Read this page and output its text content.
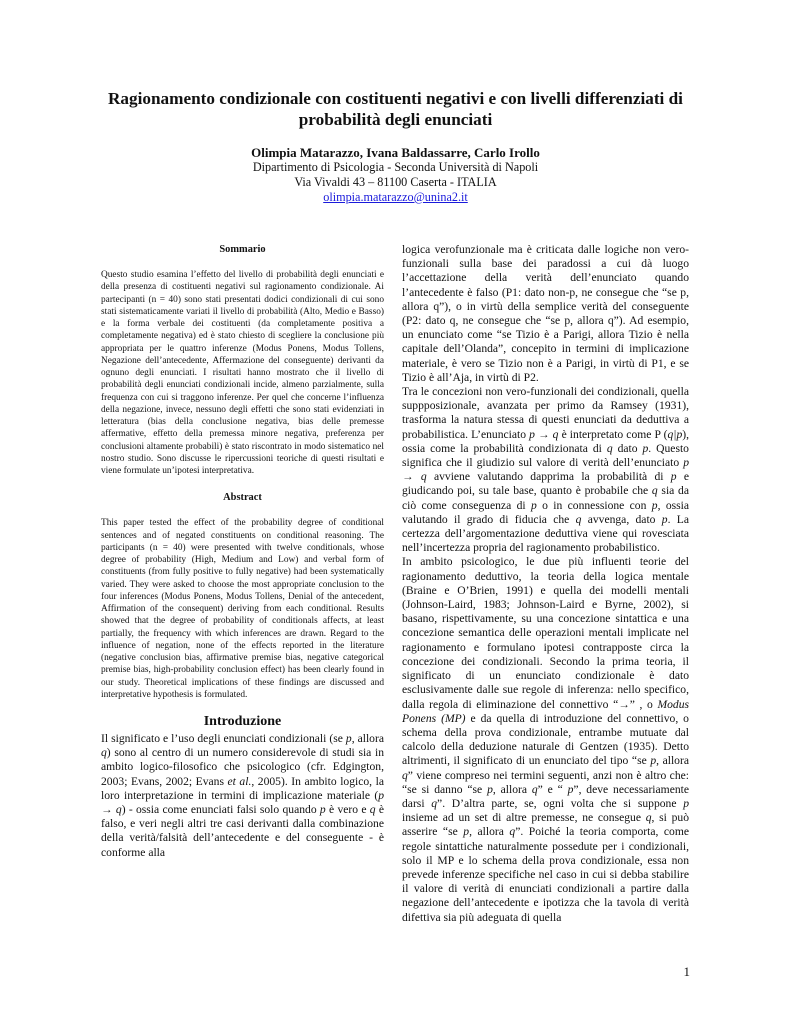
Ragionamento condizionale con costituenti negativi e con livelli differenziati di probabilità degli enunciati
Olimpia Matarazzo, Ivana Baldassarre, Carlo Irollo
Dipartimento di Psicologia - Seconda Università di Napoli
Via Vivaldi 43 – 81100 Caserta - ITALIA
olimpia.matarazzo@unina2.it

Sommario

Questo studio esamina l’effetto del livello di probabilità degli enunciati e della presenza di costituenti negativi sul ragionamento condizionale. Ai partecipanti (n = 40) sono stati presentati dodici condizionali di cui sono stati sistematicamente variati il livello di probabilità (Alto, Medio e Basso) e la forma verbale dei costituenti (da completamente positiva a completamente negativa) ed è stato chiesto di scegliere la conclusione più appropriata per le quattro inferenze (Modus Ponens, Modus Tollens, Negazione dell’antecedente, Affermazione del conseguente) derivanti da ognuno degli enunciati. I risultati hanno mostrato che il livello di probabilità degli enunciati condizionali incide, almeno parzialmente, sulla frequenza con cui si traggono inferenze. Per quel che concerne l’influenza della negazione, invece, nessuno degli effetti che sono stati evidenziati in letteratura (bias della conclusione negativa, bias delle premesse affermative, effetto della premessa minore negativa, preferenza per conclusioni altamente probabili) è stato riscontrato in modo sistematico nel nostro studio. Sono discusse le ripercussioni teoriche di questi risultati e viene formulate un’ipotesi interpretativa.

Abstract

This paper tested the effect of the probability degree of conditional sentences and of negated constituents on conditional reasoning. The participants (n = 40) were presented with twelve conditionals, whose degree of probability (High, Medium and Low) and verbal form of constituents (from fully positive to fully negative) had been systematically varied. They were asked to choose the most appropriate conclusion to the four inferences (Modus Ponens, Modus Tollens, Denial of the antecedent, Affirmation of the consequent) deriving from each conditional. Results showed that the degree of probability of conditionals affects, at least partially, the frequency with which inferences are drawn. Regard to the influence of negation, none of the effects reported in the literature (negative conclusion bias, affirmative premise bias, negative categorical premise bias, high-probability conclusion effect) has been clearly found in our study. Theoretical implications of these findings are discussed and interpretative hypothesis is formulated.

Introduzione

Il significato e l’uso degli enunciati condizionali (se p, allora q) sono al centro di un numero considerevole di studi sia in ambito logico-filosofico che psicologico (cfr. Edgington, 2003; Evans, 2002; Evans et al., 2005). In ambito logico, la loro interpretazione in termini di implicazione materiale (p → q) - ossia come enunciati falsi solo quando p è vero e q è falso, e veri negli altri tre casi derivanti dalla combinazione della verità/falsità dell’antecedente e del conseguente - è conforme alla

logica verofunzionale ma è criticata dalle logiche non vero-funzionali sulla base dei paradossi a cui dà luogo l’accettazione della verità dell’enunciato quando l’antecedente è falso (P1: dato non-p, ne consegue che “se p, allora q”), o in virtù della semplice verità del conseguente (P2: dato q, ne consegue che “se p, allora q”). Ad esempio, un enunciato come “se Tizio è a Parigi, allora Tizio è nella capitale dell’Olanda”, concepito in termini di implicazione materiale, è vero se Tizio non è a Parigi, in virtù di P1, e se Tizio è all’Aja, in virtù di P2.

Tra le concezioni non vero-funzionali dei condizionali, quella suppposizionale, avanzata per primo da Ramsey (1931), trasforma la natura stessa di questi enunciati da deduttiva a probabilistica. L’enunciato p → q è interpretato come P (q|p), ossia come la probabilità condizionata di q dato p. Questo significa che il giudizio sul valore di verità dell’enunciato p → q avviene valutando dapprima la probabilità di p e giudicando poi, su tale base, quanto è probabile che q sia da ciò come conseguenza di p o in connessione con p, ossia valutando il grado di fiducia che q avvenga, dato p. La certezza dell’argomentazione deduttiva viene qui rovesciata nell’incertezza propria del ragionamento probabilistico.

In ambito psicologico, le due più influenti teorie del ragionamento deduttivo, la teoria della logica mentale (Braine e O’Brien, 1991) e quella dei modelli mentali (Johnson-Laird, 1983; Johnson-Laird e Byrne, 2002), si basano, rispettivamente, su una concezione sintattica e una concezione semantica delle operazioni mentali implicate nel ragionamento e formulano ipotesi contrapposte circa la concezione dei condizionali. Secondo la prima teoria, il significato di un enunciato condizionale è dato esclusivamente dalle sue regole di inferenza: nello specifico, dalla regola di eliminazione del connettivo “→” , o Modus Ponens (MP) e da quella di introduzione del connettivo, o schema della prova condizionale, entrambe mutuate dal calcolo della deduzione naturale di Gentzen (1935). Detto altrimenti, il significato di un enunciato del tipo “se p, allora q” viene compreso nei termini seguenti, anzi non è altro che: “se si danno “se p, allora q” e “ p”, deve necessariamente darsi q”. D’altra parte, se, ogni volta che si suppone p insieme ad un set di altre premesse, ne consegue q, si può asserire “se p, allora q”. Poiché la teoria comporta, come regole sintattiche naturalmente possedute per i condizionali, solo il MP e lo schema della prova condizionale, essa non prevede inferenze specifiche nel caso in cui si debba stabilire il valore di verità di enunciati condizionali a partire dalla negazione dell’antecedente e ipotizza che la tavola di verità difettiva sia più adeguata di quella

1
